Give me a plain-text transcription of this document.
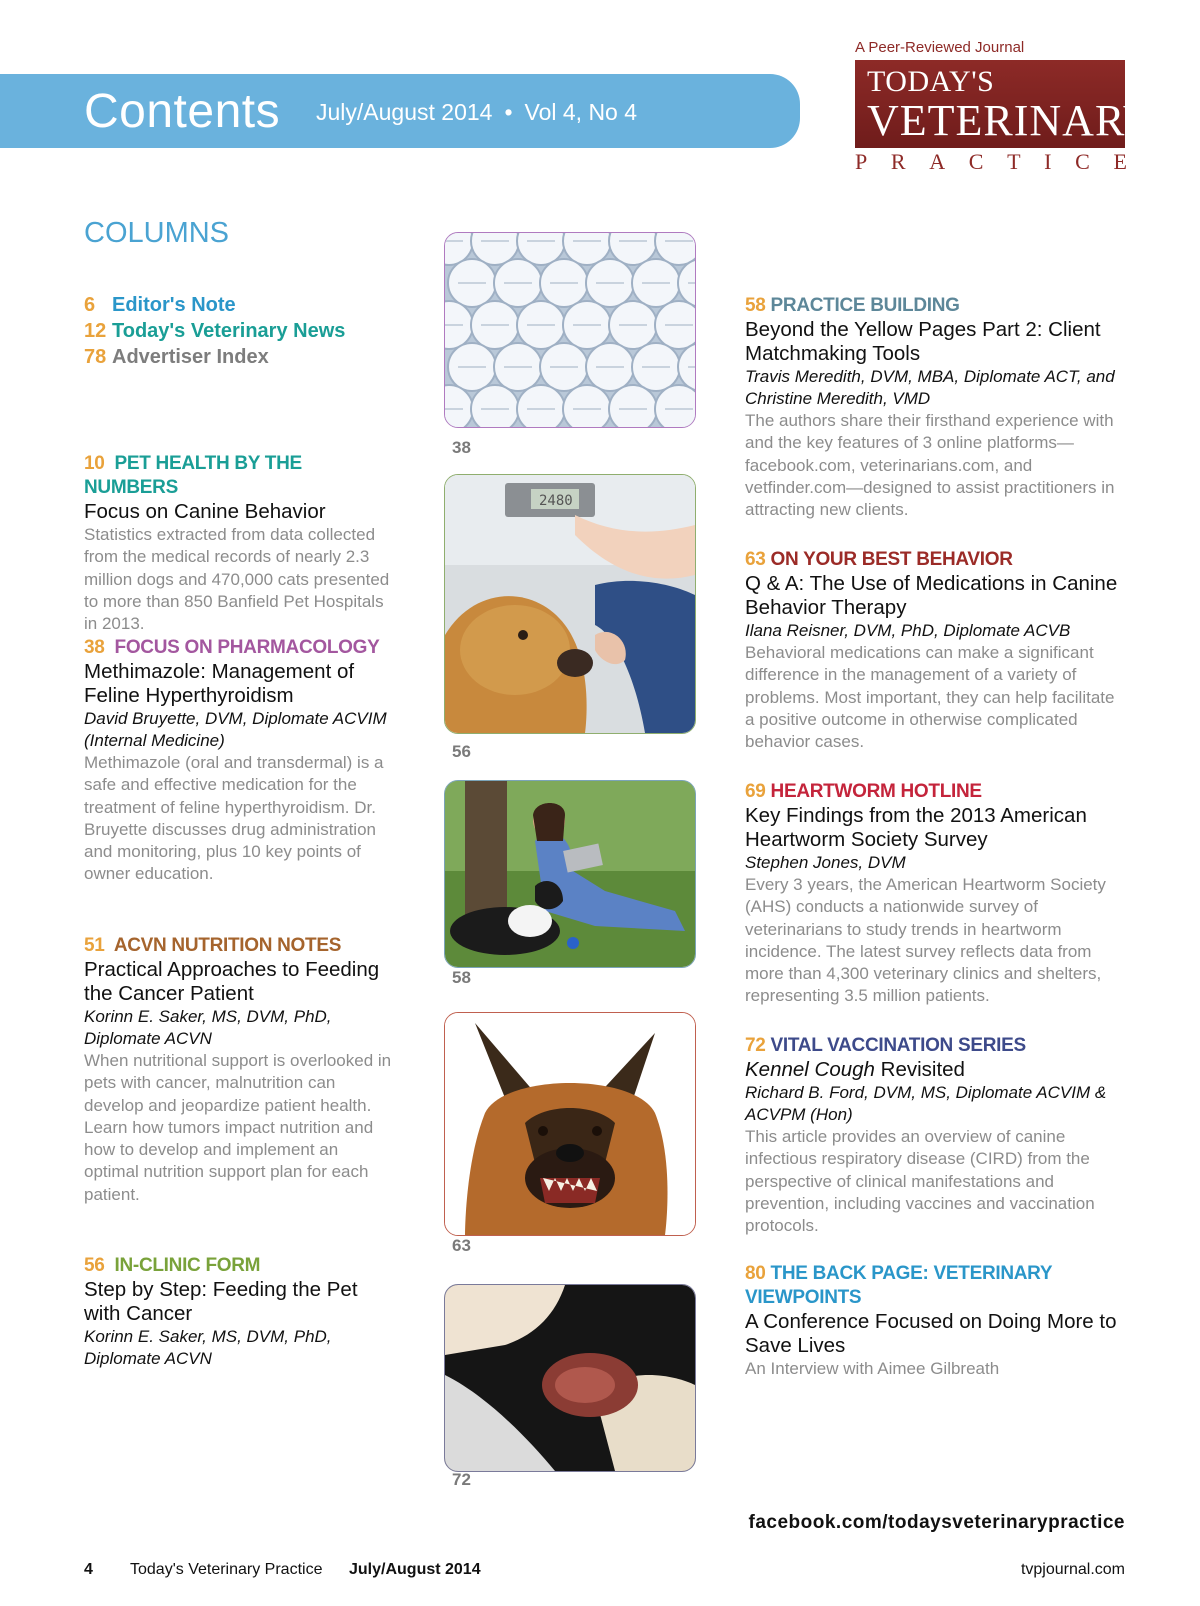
Contents July/August 2014 • Vol 4, No 4
A Peer-Reviewed Journal
TODAY'S
VETERINARY
P R A C T I C E
COLUMNS
6 Editor's Note
12 Today's Veterinary News
78 Advertiser Index
10 PET HEALTH BY THE NUMBERS
Focus on Canine Behavior
Statistics extracted from data collected from the medical records of nearly 2.3 million dogs and 470,000 cats presented to more than 850 Banfield Pet Hospitals in 2013.
38 FOCUS ON PHARMACOLOGY
Methimazole: Management of Feline Hyperthyroidism
David Bruyette, DVM, Diplomate ACVIM (Internal Medicine)
Methimazole (oral and transdermal) is a safe and effective medication for the treatment of feline hyperthyroidism. Dr. Bruyette discusses drug administration and monitoring, plus 10 key points of owner education.
51 ACVN NUTRITION NOTES
Practical Approaches to Feeding the Cancer Patient
Korinn E. Saker, MS, DVM, PhD, Diplomate ACVN
When nutritional support is overlooked in pets with cancer, malnutrition can develop and jeopardize patient health. Learn how tumors impact nutrition and how to develop and implement an optimal nutrition support plan for each patient.
56 IN-CLINIC FORM
Step by Step: Feeding the Pet with Cancer
Korinn E. Saker, MS, DVM, PhD, Diplomate ACVN
38
2480
56
58
63
72
58 PRACTICE BUILDING
Beyond the Yellow Pages Part 2: Client Matchmaking Tools
Travis Meredith, DVM, MBA, Diplomate ACT, and Christine Meredith, VMD
The authors share their firsthand experience with and the key features of 3 online platforms—facebook.com, veterinarians.com, and vetfinder.com—designed to assist practitioners in attracting new clients.
63 ON YOUR BEST BEHAVIOR
Q & A: The Use of Medications in Canine Behavior Therapy
Ilana Reisner, DVM, PhD, Diplomate ACVB
Behavioral medications can make a significant difference in the management of a variety of problems. Most important, they can help facilitate a positive outcome in otherwise complicated behavior cases.
69 HEARTWORM HOTLINE
Key Findings from the 2013 American Heartworm Society Survey
Stephen Jones, DVM
Every 3 years, the American Heartworm Society (AHS) conducts a nationwide survey of veterinarians to study trends in heartworm incidence. The latest survey reflects data from more than 4,300 veterinary clinics and shelters, representing 3.5 million patients.
72 VITAL VACCINATION SERIES
Kennel Cough Revisited
Richard B. Ford, DVM, MS, Diplomate ACVIM & ACVPM (Hon)
This article provides an overview of canine infectious respiratory disease (CIRD) from the perspective of clinical manifestations and prevention, including vaccines and vaccination protocols.
80 THE BACK PAGE: VETERINARY VIEWPOINTS
A Conference Focused on Doing More to Save Lives
An Interview with Aimee Gilbreath
facebook.com/todaysveterinarypractice
4 Today's Veterinary Practice July/August 2014	tvpjournal.com
